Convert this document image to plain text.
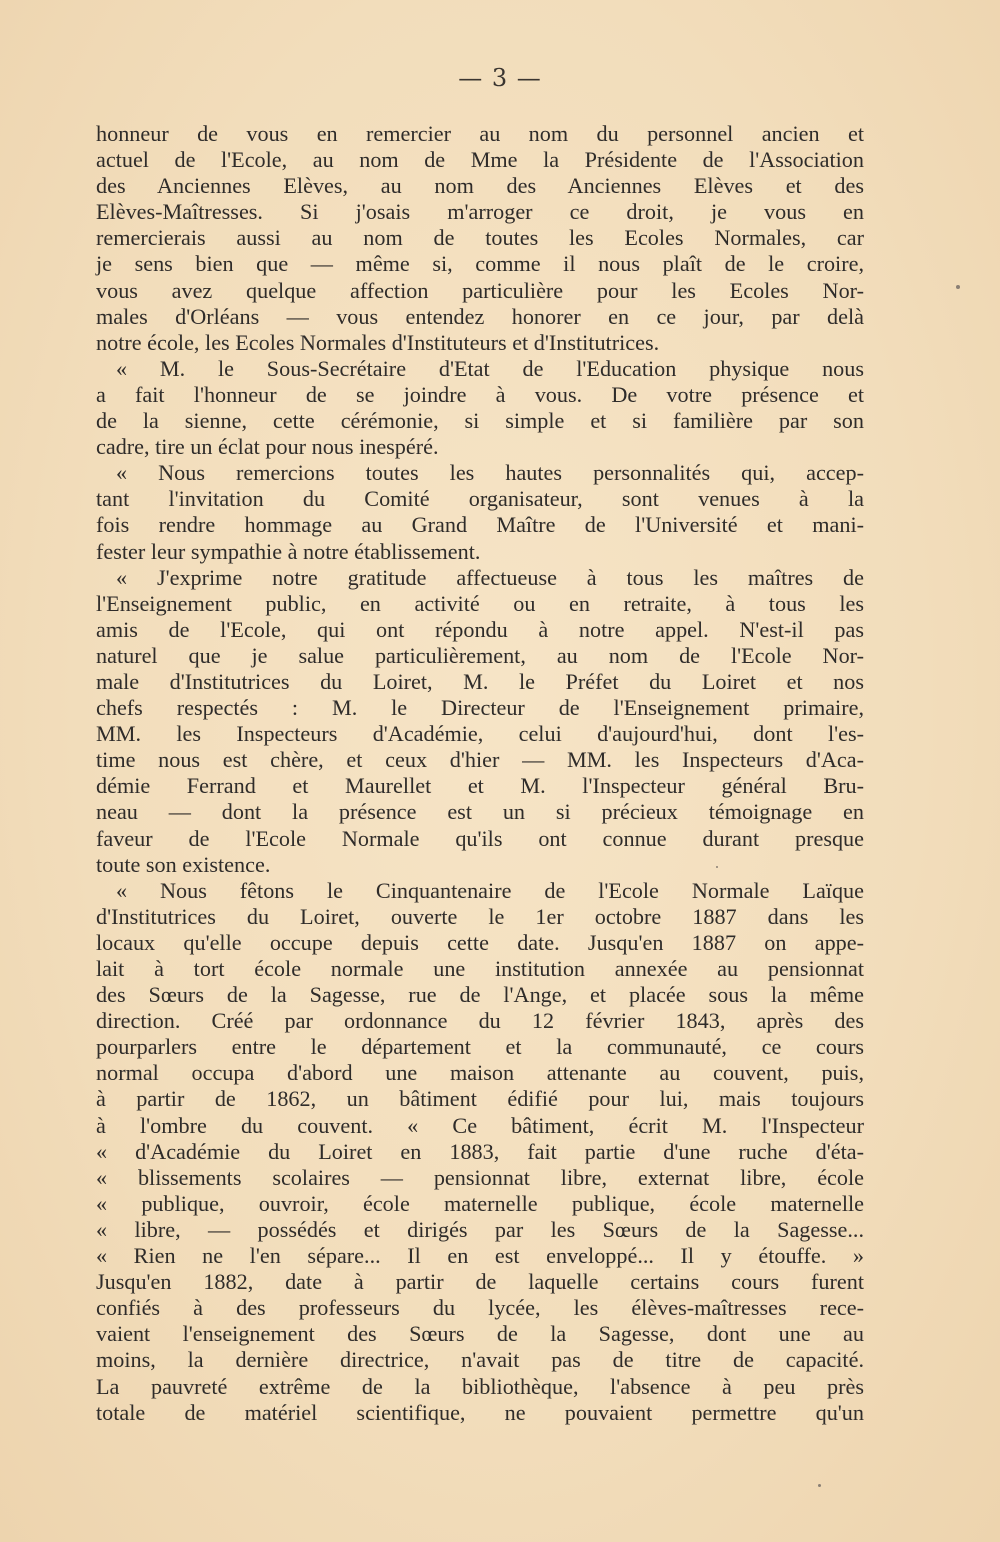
— 3 —
honneur de vous en remercier au nom du personnel ancien et
actuel de l'Ecole, au nom de Mme la Présidente de l'Association
des Anciennes Elèves, au nom des Anciennes Elèves et des
Elèves-Maîtresses. Si j'osais m'arroger ce droit, je vous en
remercierais aussi au nom de toutes les Ecoles Normales, car
je sens bien que — même si, comme il nous plaît de le croire,
vous avez quelque affection particulière pour les Ecoles Nor-
males d'Orléans — vous entendez honorer en ce jour, par delà
notre école, les Ecoles Normales d'Instituteurs et d'Institutrices.
« M. le Sous-Secrétaire d'Etat de l'Education physique nous
a fait l'honneur de se joindre à vous. De votre présence et
de la sienne, cette cérémonie, si simple et si familière par son
cadre, tire un éclat pour nous inespéré.
« Nous remercions toutes les hautes personnalités qui, accep-
tant l'invitation du Comité organisateur, sont venues à la
fois rendre hommage au Grand Maître de l'Université et mani-
fester leur sympathie à notre établissement.
« J'exprime notre gratitude affectueuse à tous les maîtres de
l'Enseignement public, en activité ou en retraite, à tous les
amis de l'Ecole, qui ont répondu à notre appel. N'est-il pas
naturel que je salue particulièrement, au nom de l'Ecole Nor-
male d'Institutrices du Loiret, M. le Préfet du Loiret et nos
chefs respectés : M. le Directeur de l'Enseignement primaire,
MM. les Inspecteurs d'Académie, celui d'aujourd'hui, dont l'es-
time nous est chère, et ceux d'hier — MM. les Inspecteurs d'Aca-
démie Ferrand et Maurellet et M. l'Inspecteur général Bru-
neau — dont la présence est un si précieux témoignage en
faveur de l'Ecole Normale qu'ils ont connue durant presque
toute son existence.
« Nous fêtons le Cinquantenaire de l'Ecole Normale Laïque
d'Institutrices du Loiret, ouverte le 1er octobre 1887 dans les
locaux qu'elle occupe depuis cette date. Jusqu'en 1887 on appe-
lait à tort école normale une institution annexée au pensionnat
des Sœurs de la Sagesse, rue de l'Ange, et placée sous la même
direction. Créé par ordonnance du 12 février 1843, après des
pourparlers entre le département et la communauté, ce cours
normal occupa d'abord une maison attenante au couvent, puis,
à partir de 1862, un bâtiment édifié pour lui, mais toujours
à l'ombre du couvent. « Ce bâtiment, écrit M. l'Inspecteur
« d'Académie du Loiret en 1883, fait partie d'une ruche d'éta-
« blissements scolaires — pensionnat libre, externat libre, école
« publique, ouvroir, école maternelle publique, école maternelle
« libre, — possédés et dirigés par les Sœurs de la Sagesse...
« Rien ne l'en sépare... Il en est enveloppé... Il y étouffe. »
Jusqu'en 1882, date à partir de laquelle certains cours furent
confiés à des professeurs du lycée, les élèves-maîtresses rece-
vaient l'enseignement des Sœurs de la Sagesse, dont une au
moins, la dernière directrice, n'avait pas de titre de capacité.
La pauvreté extrême de la bibliothèque, l'absence à peu près
totale de matériel scientifique, ne pouvaient permettre qu'un
